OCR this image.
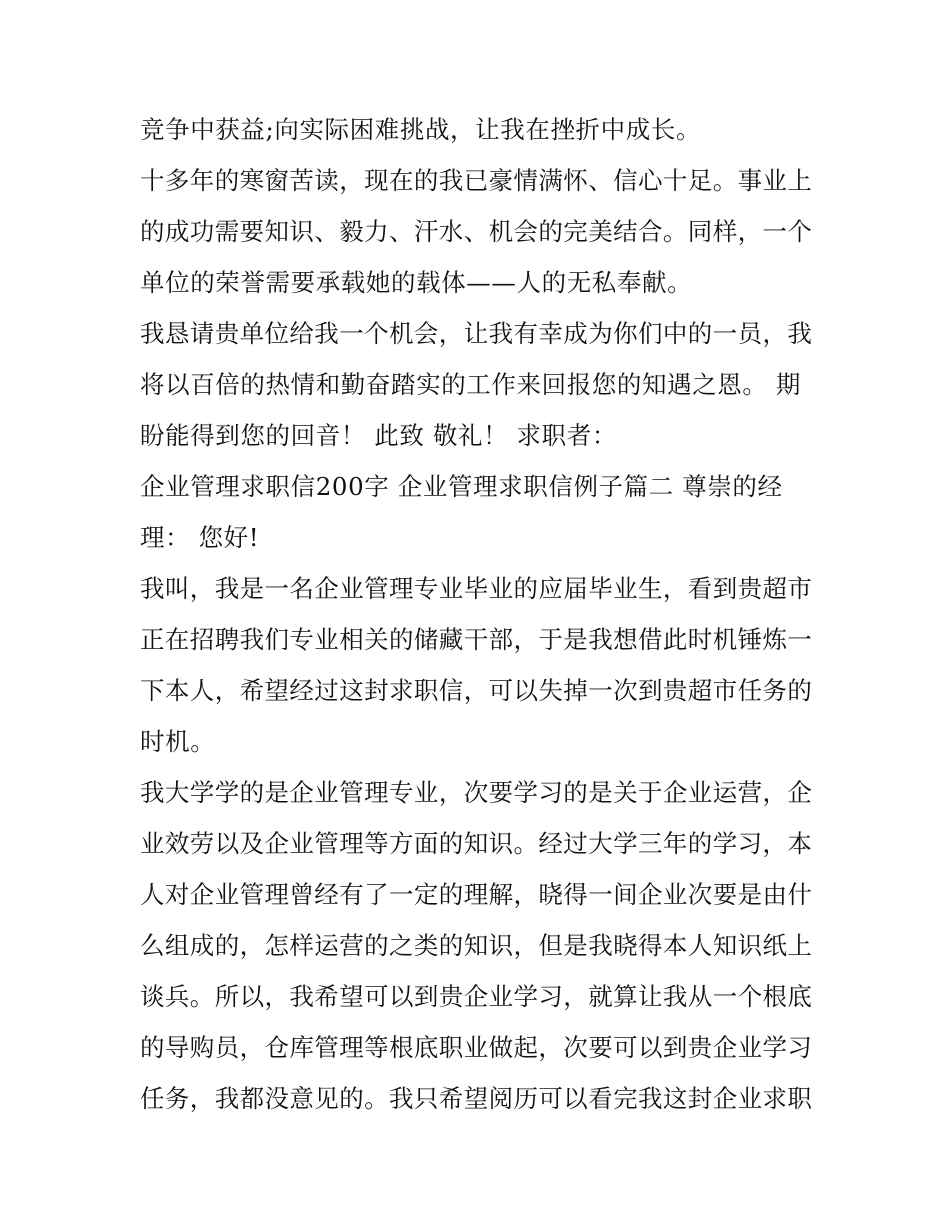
竞争中获益;向实际困难挑战，让我在挫折中成长。
十多年的寒窗苦读，现在的我已豪情满怀、信心十足。事业上
的成功需要知识、毅力、汗水、机会的完美结合。同样，一个
单位的荣誉需要承载她的载体——人的无私奉献。
我恳请贵单位给我一个机会，让我有幸成为你们中的一员，我
将以百倍的热情和勤奋踏实的工作来回报您的知遇之恩。 期
盼能得到您的回音！ 此致 敬礼！ 求职者：
企业管理求职信200字 企业管理求职信例子篇二 尊崇的经
理： 您好!
我叫，我是一名企业管理专业毕业的应届毕业生，看到贵超市
正在招聘我们专业相关的储藏干部，于是我想借此时机锤炼一
下本人，希望经过这封求职信，可以失掉一次到贵超市任务的
时机。
我大学学的是企业管理专业，次要学习的是关于企业运营，企
业效劳以及企业管理等方面的知识。经过大学三年的学习，本
人对企业管理曾经有了一定的理解，晓得一间企业次要是由什
么组成的，怎样运营的之类的知识，但是我晓得本人知识纸上
谈兵。所以，我希望可以到贵企业学习，就算让我从一个根底
的导购员，仓库管理等根底职业做起，次要可以到贵企业学习
任务，我都没意见的。我只希望阅历可以看完我这封企业求职
